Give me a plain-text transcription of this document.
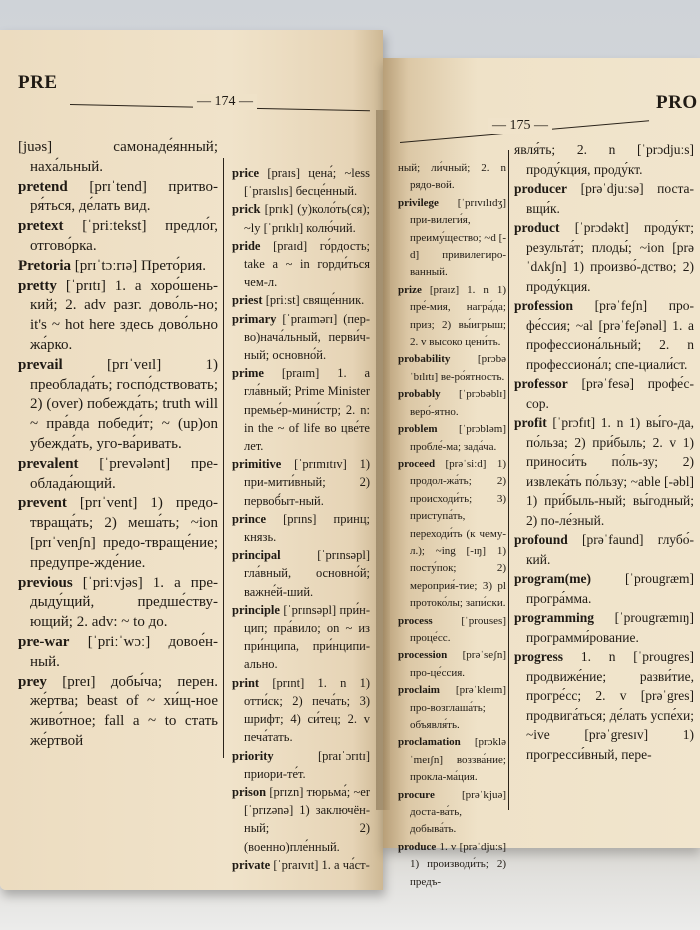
PRE
— 174 —	PRO
— 175 —

[juəs] самонаде́янный; наха́льный.

pretend [prɪˈtend] притво-ря́ться, де́лать вид.

pretext [ˈpriːtekst] предло́г, отгово́рка.

Pretoria [prɪˈtɔːrɪə] Прето́рия.

pretty [ˈprɪtɪ] 1. a хоро́шень-кий; 2. adv разг. дово́ль-но; it's ~ hot here здесь дово́льно жа́рко.

prevail	[prɪˈveɪl] 1) преоблада́ть; госпо́дствовать; 2) (over) побежда́ть; truth will ~ пра́вда победи́т; ~ (up)on убежда́ть, уго-ва́ривать.

prevalent [ˈprevələnt] пре-облада́ющий.

prevent [prɪˈvent] 1) предо-твраща́ть; 2) меша́ть; ~ion [prɪˈvenʃn] предо-твраще́ние; предупре-жде́ние.

previous [ˈpriːvjəs] 1. a пре-дыду́щий, предше́ству-ющий; 2. adv: ~ to до.

pre-war [ˈpriːˈwɔː] довое́н-ный.

prey [preɪ] добы́ча; перен. же́ртва; beast of ~ хи́щ-ное живо́тное; fall a ~ to стать же́ртвой

price [praɪs] цена́; ~less [ˈpraɪslɪs] бесце́нный.

prick [prɪk] (у)коло́ть(ся); ~ly [ˈprɪklɪ] колю́чий.

pride [praɪd] го́рдость; take a ~ in горди́ться чем-л.

priest [priːst] свяще́нник.

primary [ˈpraɪmərɪ] (пер-во)нача́льный, перви́ч-ный; основно́й.

prime [praɪm] 1. a гла́вный; Prime Minister премье́р-мини́стр; 2. n: in the ~ of life во цве́те лет.

primitive [ˈprɪmɪtɪv] 1) при-мити́вный; 2) первоб́ыт-ный.

prince [prɪns] принц; князь.

principal	[ˈprɪnsəpl] гла́вный, основно́й; важне́й-ший.

principle [ˈprɪnsəpl] при́н-цип; пра́вило; on ~ из при́нципа, при́нципи-ально.

print [prɪnt] 1. n 1) отти́ск; 2) печа́ть; 3) шрифт; 4) си́тец; 2. v печа́тать.

priority	[praɪˈɔrɪtɪ] приори-те́т.

prison [prɪzn] тюрьма́; ~er [ˈprɪzənə] 1) заключён-ный; 2)(военно)пле́нный.

private [ˈpraɪvɪt] 1. a ча́ст-

ный; ли́чный; 2. n рядо-вой.

privilege [ˈprɪvɪlɪdʒ] при-вилеги́я, преиму́щество; ~d [-d] привилегиро-ванный.

prize [praɪz] 1. n 1) пре́-мия, награ́да; приз; 2) вы́игрыш; 2. v высоко цени́ть.

probability	[prɔbəˈbɪlɪtɪ] ве-ро́ятность.

probably [ˈprɔbəblɪ] веро́-ятно.

problem [ˈprɔbləm] пробле́-ма; зада́ча.

proceed [prəˈsiːd] 1) продол-жа́ть; 2) происходи́ть; 3) приступа́ть, переходи́ть (к чему-л.); ~ing [-ɪŋ] 1) посту́пок; 2) мероприя́-тие; 3) pl протоко́лы; запи́ски.

process	[ˈprouses] проце́сс.

procession [prəˈseʃn] про-це́ссия.

proclaim [prəˈkleɪm] про-возглаша́ть; объявля́ть.

proclamation [prɔkləˈmeɪʃn] воззва́ние; прокла-ма́ция.

procure [prəˈkjuə] доста-ва́ть, добыва́ть.

produce 1. v [prəˈdjuːs] 1) производи́ть; 2) предъ-

явля́ть; 2. n [ˈprɔdjuːs] проду́кция, проду́кт.

producer [prəˈdjuːsə] поста-вщи́к.

product [ˈprɔdəkt] проду́кт; результа́т; плоды́; ~ion [prəˈdʌkʃn] 1) произво́-дство; 2) проду́кция.

profession [prəˈfeʃn] про-фе́ссия; ~al [prəˈfeʃənəl] 1. a профессиона́льный; 2. n профессиона́л; спе-циали́ст.

professor [prəˈfesə] профе́с-сор.

profit [ˈprɔfɪt] 1. n 1) вы́го-да, по́льза; 2) при́быль; 2. v 1) приноси́ть по́ль-зу; 2) извлека́ть по́льзу; ~able [-əbl] 1) при́быль-ный; вы́годный; 2) по-ле́зный.

profound [prəˈfaund] глубо́-кий.

program(me)	[ˈprougræm] програ́мма.

programming [ˈprougræmɪŋ] программи́рование.

progress 1. n [ˈprougres] продвиже́ние; разви́тие, прогре́сс; 2. v [prəˈgres] продвига́ться; де́лать успе́хи; ~ive [prəˈgresɪv] 1) прогресси́вный, пере-
